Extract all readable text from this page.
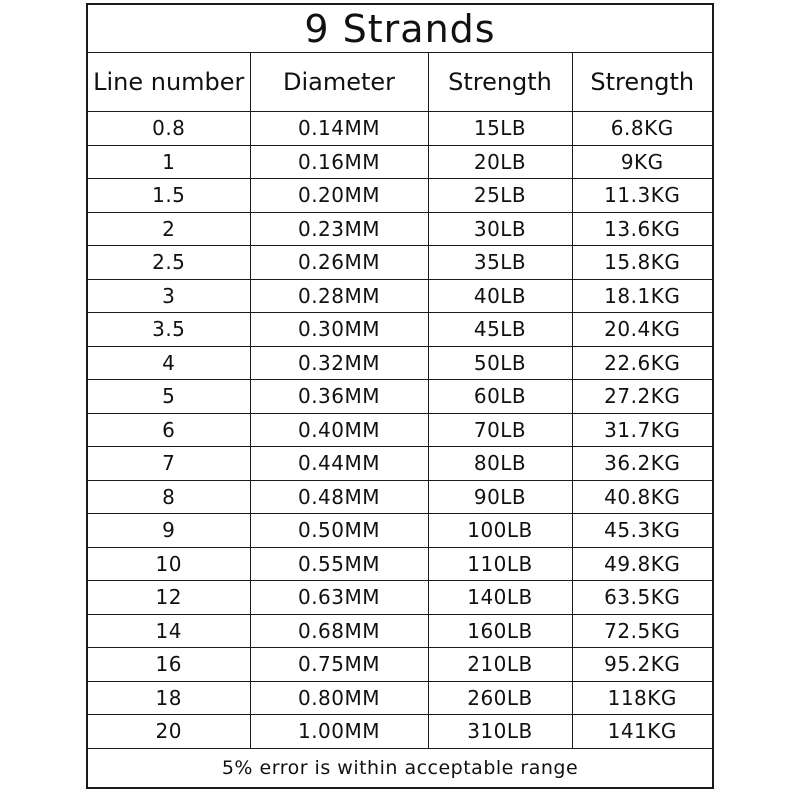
9 Strands
Line number	Diameter	Strength	Strength
0.8	0.14MM	15LB	6.8KG
1	0.16MM	20LB	9KG
1.5	0.20MM	25LB	11.3KG
2	0.23MM	30LB	13.6KG
2.5	0.26MM	35LB	15.8KG
3	0.28MM	40LB	18.1KG
3.5	0.30MM	45LB	20.4KG
4	0.32MM	50LB	22.6KG
5	0.36MM	60LB	27.2KG
6	0.40MM	70LB	31.7KG
7	0.44MM	80LB	36.2KG
8	0.48MM	90LB	40.8KG
9	0.50MM	100LB	45.3KG
10	0.55MM	110LB	49.8KG
12	0.63MM	140LB	63.5KG
14	0.68MM	160LB	72.5KG
16	0.75MM	210LB	95.2KG
18	0.80MM	260LB	118KG
20	1.00MM	310LB	141KG
5% error is within acceptable range
